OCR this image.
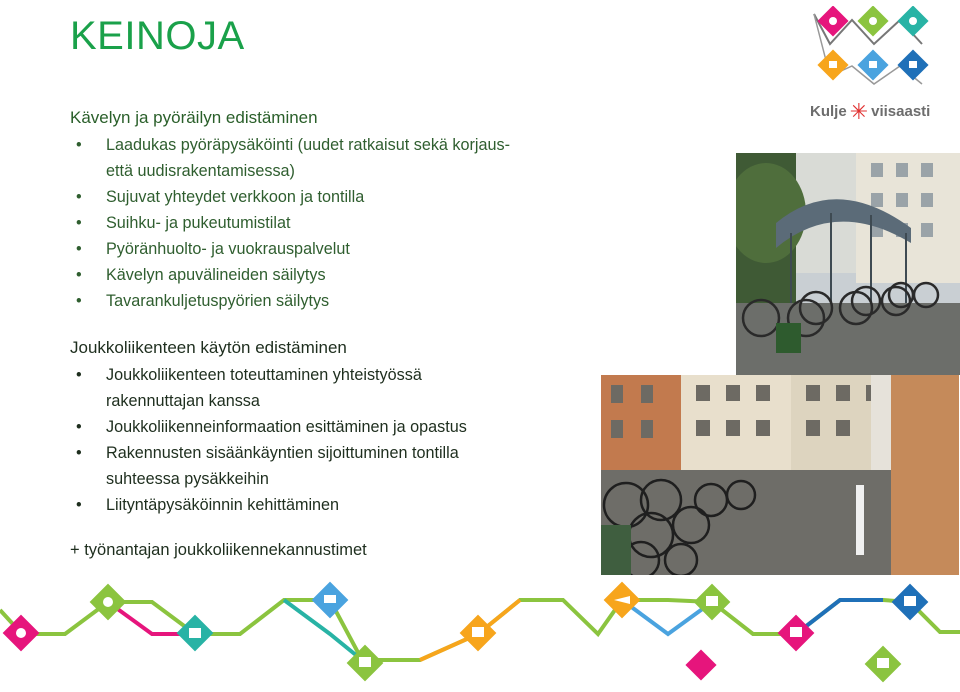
KEINOJA
Kulje ✳ viisaasti
Kävelyn ja pyöräilyn edistäminen
• Laadukas pyöräpysäköinti (uudet ratkaisut sekä korjaus-
että uudisrakentamisessa)
• Sujuvat yhteydet verkkoon ja tontilla
• Suihku- ja pukeutumistilat
• Pyöränhuolto- ja vuokrauspalvelut
• Kävelyn apuvälineiden säilytys
• Tavarankuljetuspyörien säilytys
Joukkoliikenteen käytön edistäminen
• Joukkoliikenteen toteuttaminen yhteistyössä
rakennuttajan kanssa
• Joukkoliikenneinformaation esittäminen ja opastus
• Rakennusten sisäänkäyntien sijoittuminen tontilla
suhteessa pysäkkeihin
• Liityntäpysäköinnin kehittäminen
+ työnantajan joukkoliikennekannustimet
